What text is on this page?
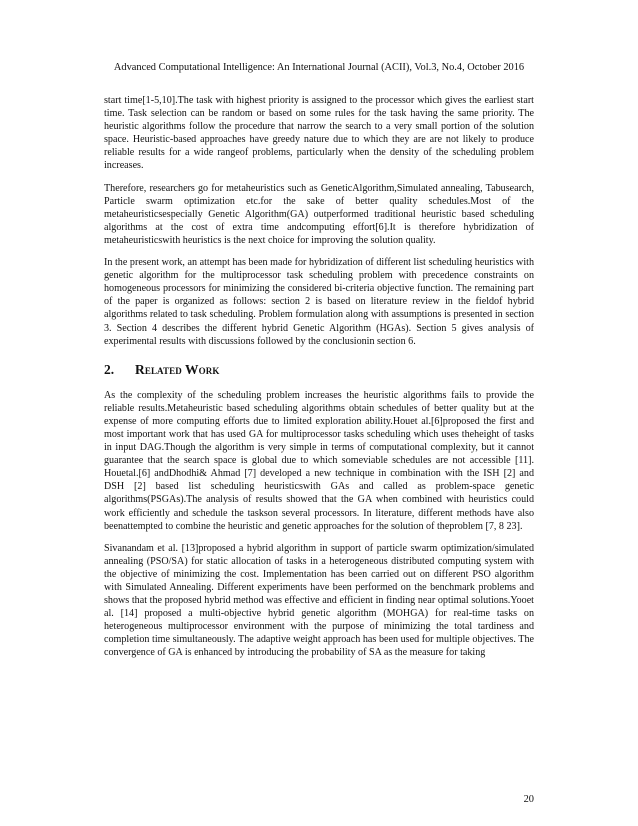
Advanced Computational Intelligence: An International Journal (ACII), Vol.3, No.4, October 2016

start time[1-5,10].The task with highest priority is assigned to the processor which gives the earliest start time. Task selection can be random or based on some rules for the task having the same priority. The heuristic algorithms follow the procedure that narrow the search to a very small portion of the solution space. Heuristic-based approaches have greedy nature due to which they are are not likely to produce reliable results for a wide rangeof problems, particularly when the density of the scheduling problem increases.

Therefore, researchers go for metaheuristics such as GeneticAlgorithm,Simulated annealing, Tabusearch, Particle swarm optimization etc.for the sake of better quality schedules.Most of the metaheuristicsespecially Genetic Algorithm(GA) outperformed traditional heuristic based scheduling algorithms at the cost of extra time andcomputing effort[6].It is therefore hybridization of metaheuristicswith heuristics is the next choice for improving the solution quality.

In the present work, an attempt has been made for hybridization of different list scheduling heuristics with genetic algorithm for the multiprocessor task scheduling problem with precedence constraints on homogeneous processors for minimizing the considered bi-criteria objective function. The remaining part of the paper is organized as follows: section 2 is based on literature review in the fieldof hybrid algorithms related to task scheduling. Problem formulation along with assumptions is presented in section 3. Section 4 describes the different hybrid Genetic Algorithm (HGAs). Section 5 gives analysis of experimental results with discussions followed by the conclusionin section 6.

2. Related Work

As the complexity of the scheduling problem increases the heuristic algorithms fails to provide the reliable results.Metaheuristic based scheduling algorithms obtain schedules of better quality but at the expense of more computing efforts due to limited exploration ability.Houet al.[6]proposed the first and most important work that has used GA for multiprocessor tasks scheduling which uses theheight of tasks in input DAG.Though the algorithm is very simple in terms of computational complexity, but it cannot guarantee that the search space is global due to which someviable schedules are not accessible [11]. Houetal.[6] andDhodhi& Ahmad [7] developed a new technique in combination with the ISH [2] and DSH [2] based list scheduling heuristicswith GAs and called as problem-space genetic algorithms(PSGAs).The analysis of results showed that the GA when combined with heuristics could work efficiently and schedule the taskson several processors. In literature, different methods have also beenattempted to combine the heuristic and genetic approaches for the solution of theproblem [7, 8 23].

Sivanandam et al. [13]proposed a hybrid algorithm in support of particle swarm optimization/simulated annealing (PSO/SA) for static allocation of tasks in a heterogeneous distributed computing system with the objective of minimizing the cost. Implementation has been carried out on different PSO algorithm with Simulated Annealing. Different experiments have been performed on the benchmark problems and shows that the proposed hybrid method was effective and efficient in finding near optimal solutions.Yooet al. [14] proposed a multi-objective hybrid genetic algorithm (MOHGA) for real-time tasks on heterogeneous multiprocessor environment with the purpose of minimizing the total tardiness and completion time simultaneously. The adaptive weight approach has been used for multiple objectives. The convergence of GA is enhanced by introducing the probability of SA as the measure for taking

20
